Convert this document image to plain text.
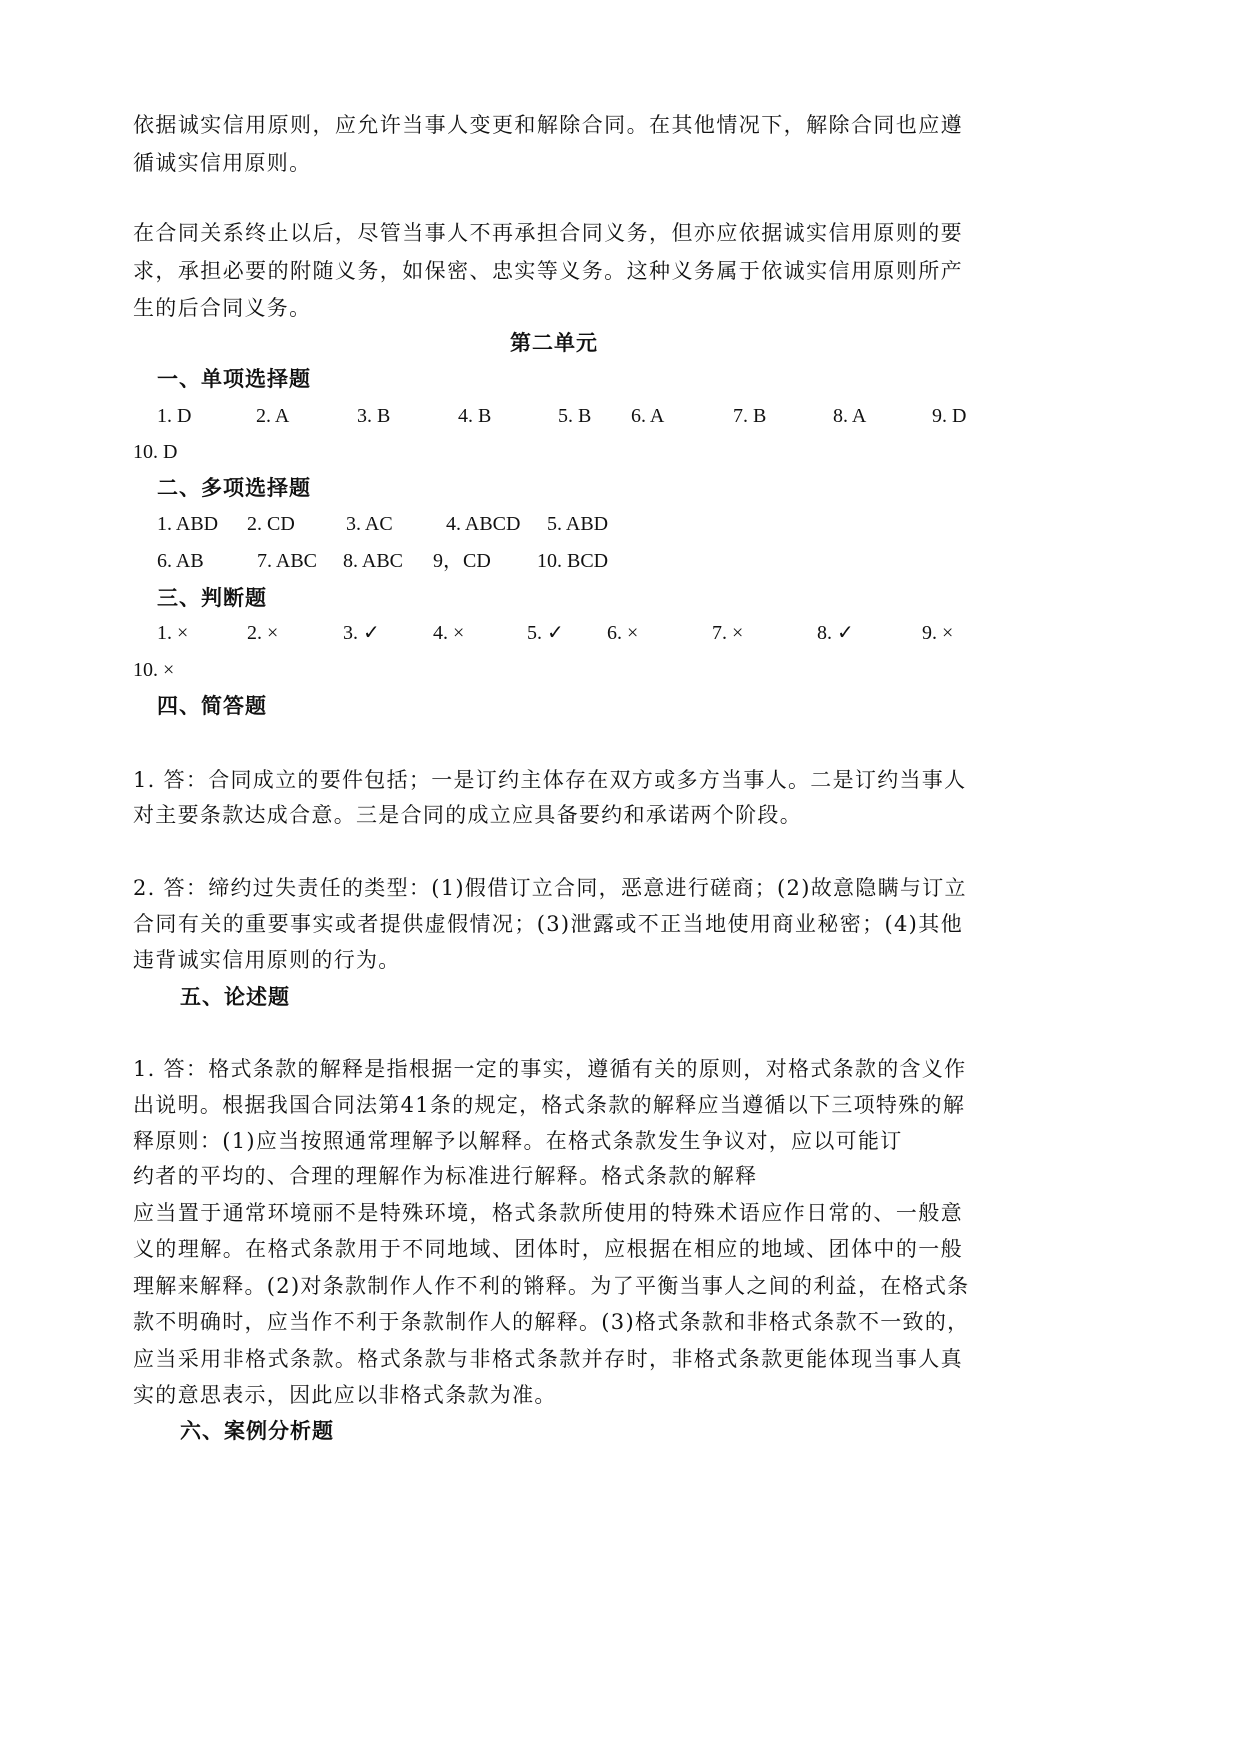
依据诚实信用原则，应允许当事人变更和解除合同。在其他情况下，解除合同也应遵
循诚实信用原则。
在合同关系终止以后，尽管当事人不再承担合同义务，但亦应依据诚实信用原则的要
求，承担必要的附随义务，如保密、忠实等义务。这种义务属于依诚实信用原则所产
生的后合同义务。
第二单元
一、单项选择题
1. D	2. A	3. B	4. B	5. B 6. A	7. B	8. A	9. D
10. D
二、多项选择题
1. ABD 2. CD	3. AC	4. ABCD 5. ABD
6. AB	7. ABC 8. ABC 9，CD 10. BCD
三、判断题
1. ×	2. ×	3. ✓	4. ×	5. ✓ 6. ×	7. ×	8. ✓	9. ×
10. ×
四、简答题
1. 答：合同成立的要件包括；一是订约主体存在双方或多方当事人。二是订约当事人
对主要条款达成合意。三是合同的成立应具备要约和承诺两个阶段。
2. 答：缔约过失责任的类型：(1)假借订立合同，恶意进行磋商；(2)故意隐瞒与订立
合同有关的重要事实或者提供虚假情况；(3)泄露或不正当地使用商业秘密；(4)其他
违背诚实信用原则的行为。
五、论述题
1. 答：格式条款的解释是指根据一定的事实，遵循有关的原则，对格式条款的含义作
出说明。根据我国合同法第41条的规定，格式条款的解释应当遵循以下三项特殊的解
释原则：(1)应当按照通常理解予以解释。在格式条款发生争议对，应以可能订
约者的平均的、合理的理解作为标准进行解释。格式条款的解释
应当置于通常环境丽不是特殊环境，格式条款所使用的特殊术语应作日常的、一般意
义的理解。在格式条款用于不同地域、团体时，应根据在相应的地域、团体中的一般
理解来解释。(2)对条款制作人作不利的锵释。为了平衡当事人之间的利益，在格式条
款不明确时，应当作不利于条款制作人的解释。(3)格式条款和非格式条款不一致的，
应当采用非格式条款。格式条款与非格式条款并存时，非格式条款更能体现当事人真
实的意思表示，因此应以非格式条款为准。
六、案例分析题
